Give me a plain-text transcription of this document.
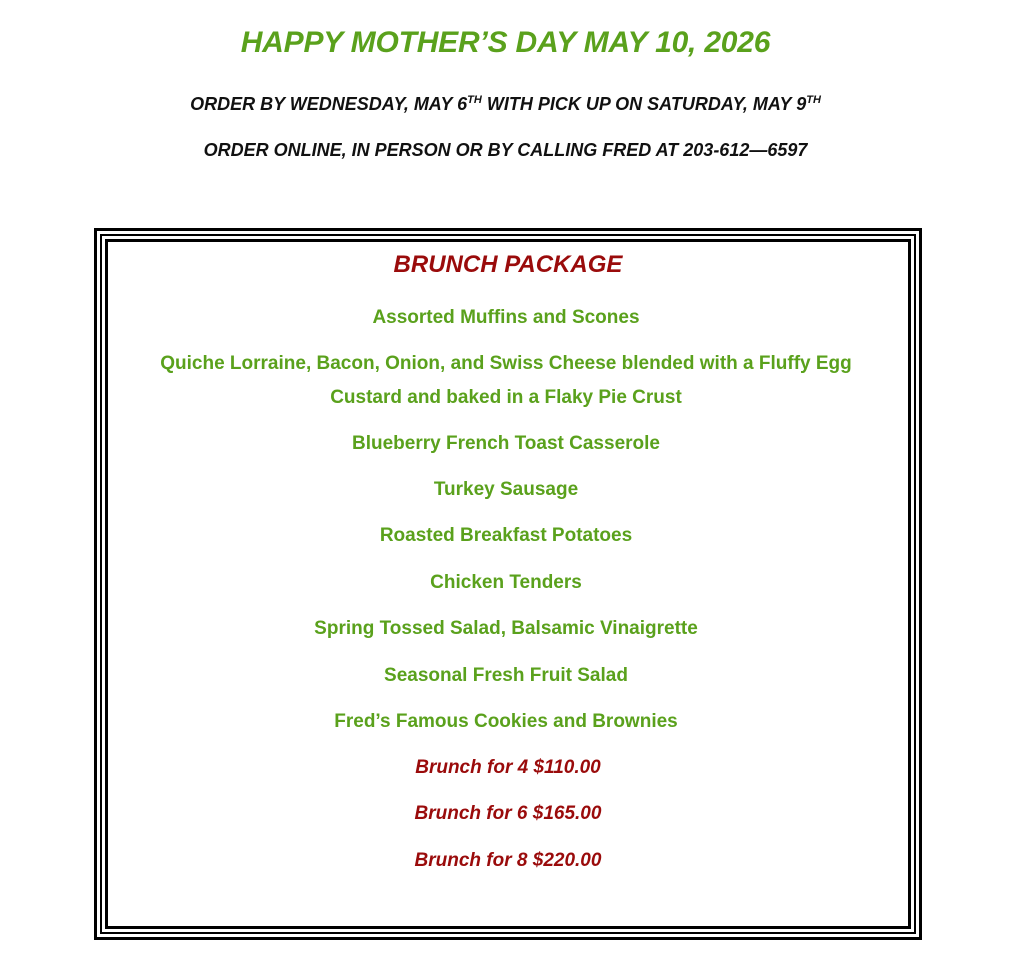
HAPPY MOTHER’S DAY MAY 10, 2026

ORDER BY WEDNESDAY, MAY 6TH WITH PICK UP ON SATURDAY, MAY 9TH

ORDER ONLINE, IN PERSON OR BY CALLING FRED AT 203-612—6597

BRUNCH PACKAGE

Assorted Muffins and Scones

Quiche Lorraine, Bacon, Onion, and Swiss Cheese blended with a Fluffy Egg Custard and baked in a Flaky Pie Crust

Blueberry French Toast Casserole

Turkey Sausage

Roasted Breakfast Potatoes

Chicken Tenders

Spring Tossed Salad, Balsamic Vinaigrette

Seasonal Fresh Fruit Salad

Fred’s Famous Cookies and Brownies

Brunch for 4 $110.00

Brunch for 6 $165.00

Brunch for 8 $220.00
